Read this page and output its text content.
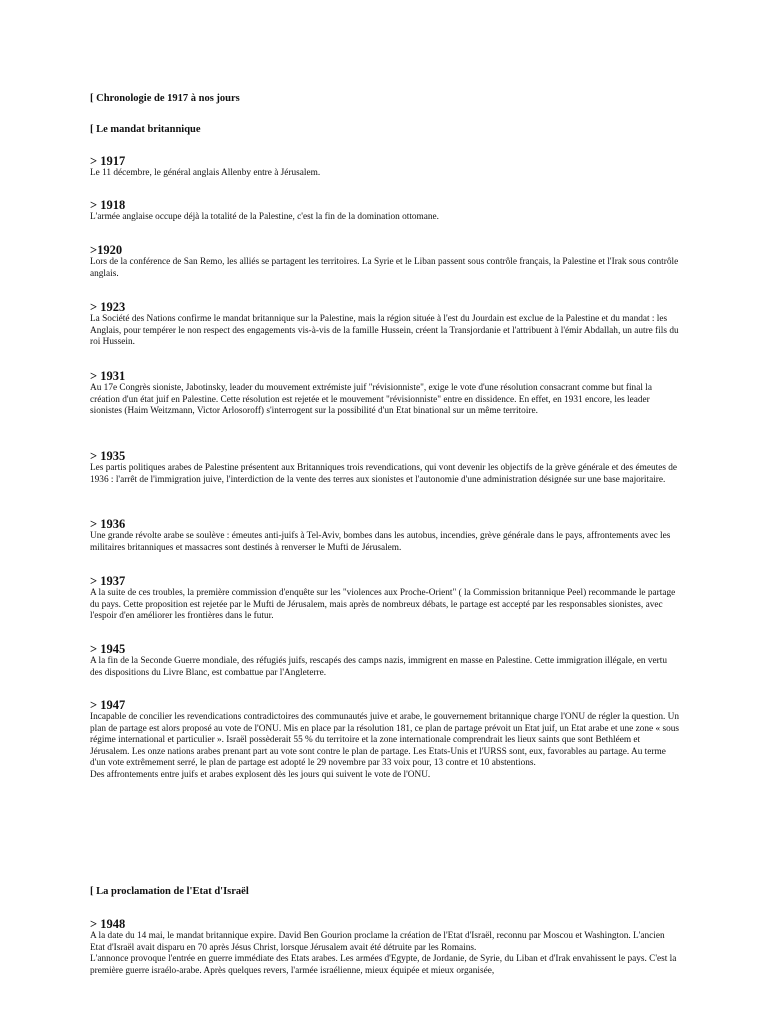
[ Chronologie de 1917 à nos jours
[ Le mandat britannique
> 1917

Le 11 décembre, le général anglais Allenby entre à Jérusalem.

> 1918

L'armée anglaise occupe déjà la totalité de la Palestine, c'est la fin de la domination ottomane.

>1920

Lors de la conférence de San Remo, les alliés se partagent les territoires. La Syrie et le Liban passent sous contrôle français, la Palestine et l'Irak sous contrôle anglais.

> 1923

La Société des Nations confirme le mandat britannique sur la Palestine, mais la région située à l'est du Jourdain est exclue de la Palestine et du mandat : les Anglais, pour tempérer le non respect des engagements vis-à-vis de la famille Hussein, créent la Transjordanie et l'attribuent à l'émir Abdallah, un autre fils du roi Hussein.

> 1931

Au 17e Congrès sioniste, Jabotinsky, leader du mouvement extrémiste juif "révisionniste", exige le vote d'une résolution consacrant comme but final la création d'un état juif en Palestine. Cette résolution est rejetée et le mouvement "révisionniste" entre en dissidence. En effet, en 1931 encore, les leader sionistes (Haim Weitzmann, Victor Arlosoroff) s'interrogent sur la possibilité d'un Etat binational sur un même territoire.

> 1935

Les partis politiques arabes de Palestine présentent aux Britanniques trois revendications, qui vont devenir les objectifs de la grève générale et des émeutes de 1936 : l'arrêt de l'immigration juive, l'interdiction de la vente des terres aux sionistes et l'autonomie d'une administration désignée sur une base majoritaire.

> 1936

Une grande révolte arabe se soulève : émeutes anti-juifs à Tel-Aviv, bombes dans les autobus, incendies, grève générale dans le pays, affrontements avec les militaires britanniques et massacres sont destinés à renverser le Mufti de Jérusalem.

> 1937

A la suite de ces troubles, la première commission d'enquête sur les "violences aux Proche-Orient" ( la Commission britannique Peel) recommande le partage du pays. Cette proposition est rejetée par le Mufti de Jérusalem, mais après de nombreux débats, le partage est accepté par les responsables sionistes, avec l'espoir d'en améliorer les frontières dans le futur.

> 1945

A la fin de la Seconde Guerre mondiale, des réfugiés juifs, rescapés des camps nazis, immigrent en masse en Palestine. Cette immigration illégale, en vertu des dispositions du Livre Blanc, est combattue par l'Angleterre.

> 1947

Incapable de concilier les revendications contradictoires des communautés juive et arabe, le gouvernement britannique charge l'ONU de régler la question. Un plan de partage est alors proposé au vote de l'ONU. Mis en place par la résolution 181, ce plan de partage prévoit un Etat juif, un Etat arabe et une zone « sous régime international et particulier ». Israël possèderait 55 % du territoire et la zone internationale comprendrait les lieux saints que sont Bethléem et Jérusalem. Les onze nations arabes prenant part au vote sont contre le plan de partage. Les Etats-Unis et l'URSS sont, eux, favorables au partage. Au terme d'un vote extrêmement serré, le plan de partage est adopté le 29 novembre par 33 voix pour, 13 contre et 10 abstentions.

Des affrontements entre juifs et arabes explosent dès les jours qui suivent le vote de l'ONU.

[ La proclamation de l'Etat d'Israël
> 1948

A la date du 14 mai, le mandat britannique expire. David Ben Gourion proclame la création de l'Etat d'Israël, reconnu par Moscou et Washington. L'ancien Etat d'Israël avait disparu en 70 après Jésus Christ, lorsque Jérusalem avait été détruite par les Romains.

L'annonce provoque l'entrée en guerre immédiate des Etats arabes. Les armées d'Egypte, de Jordanie, de Syrie, du Liban et d'Irak envahissent le pays. C'est la première guerre israélo-arabe. Après quelques revers, l'armée israélienne, mieux équipée et mieux organisée,
